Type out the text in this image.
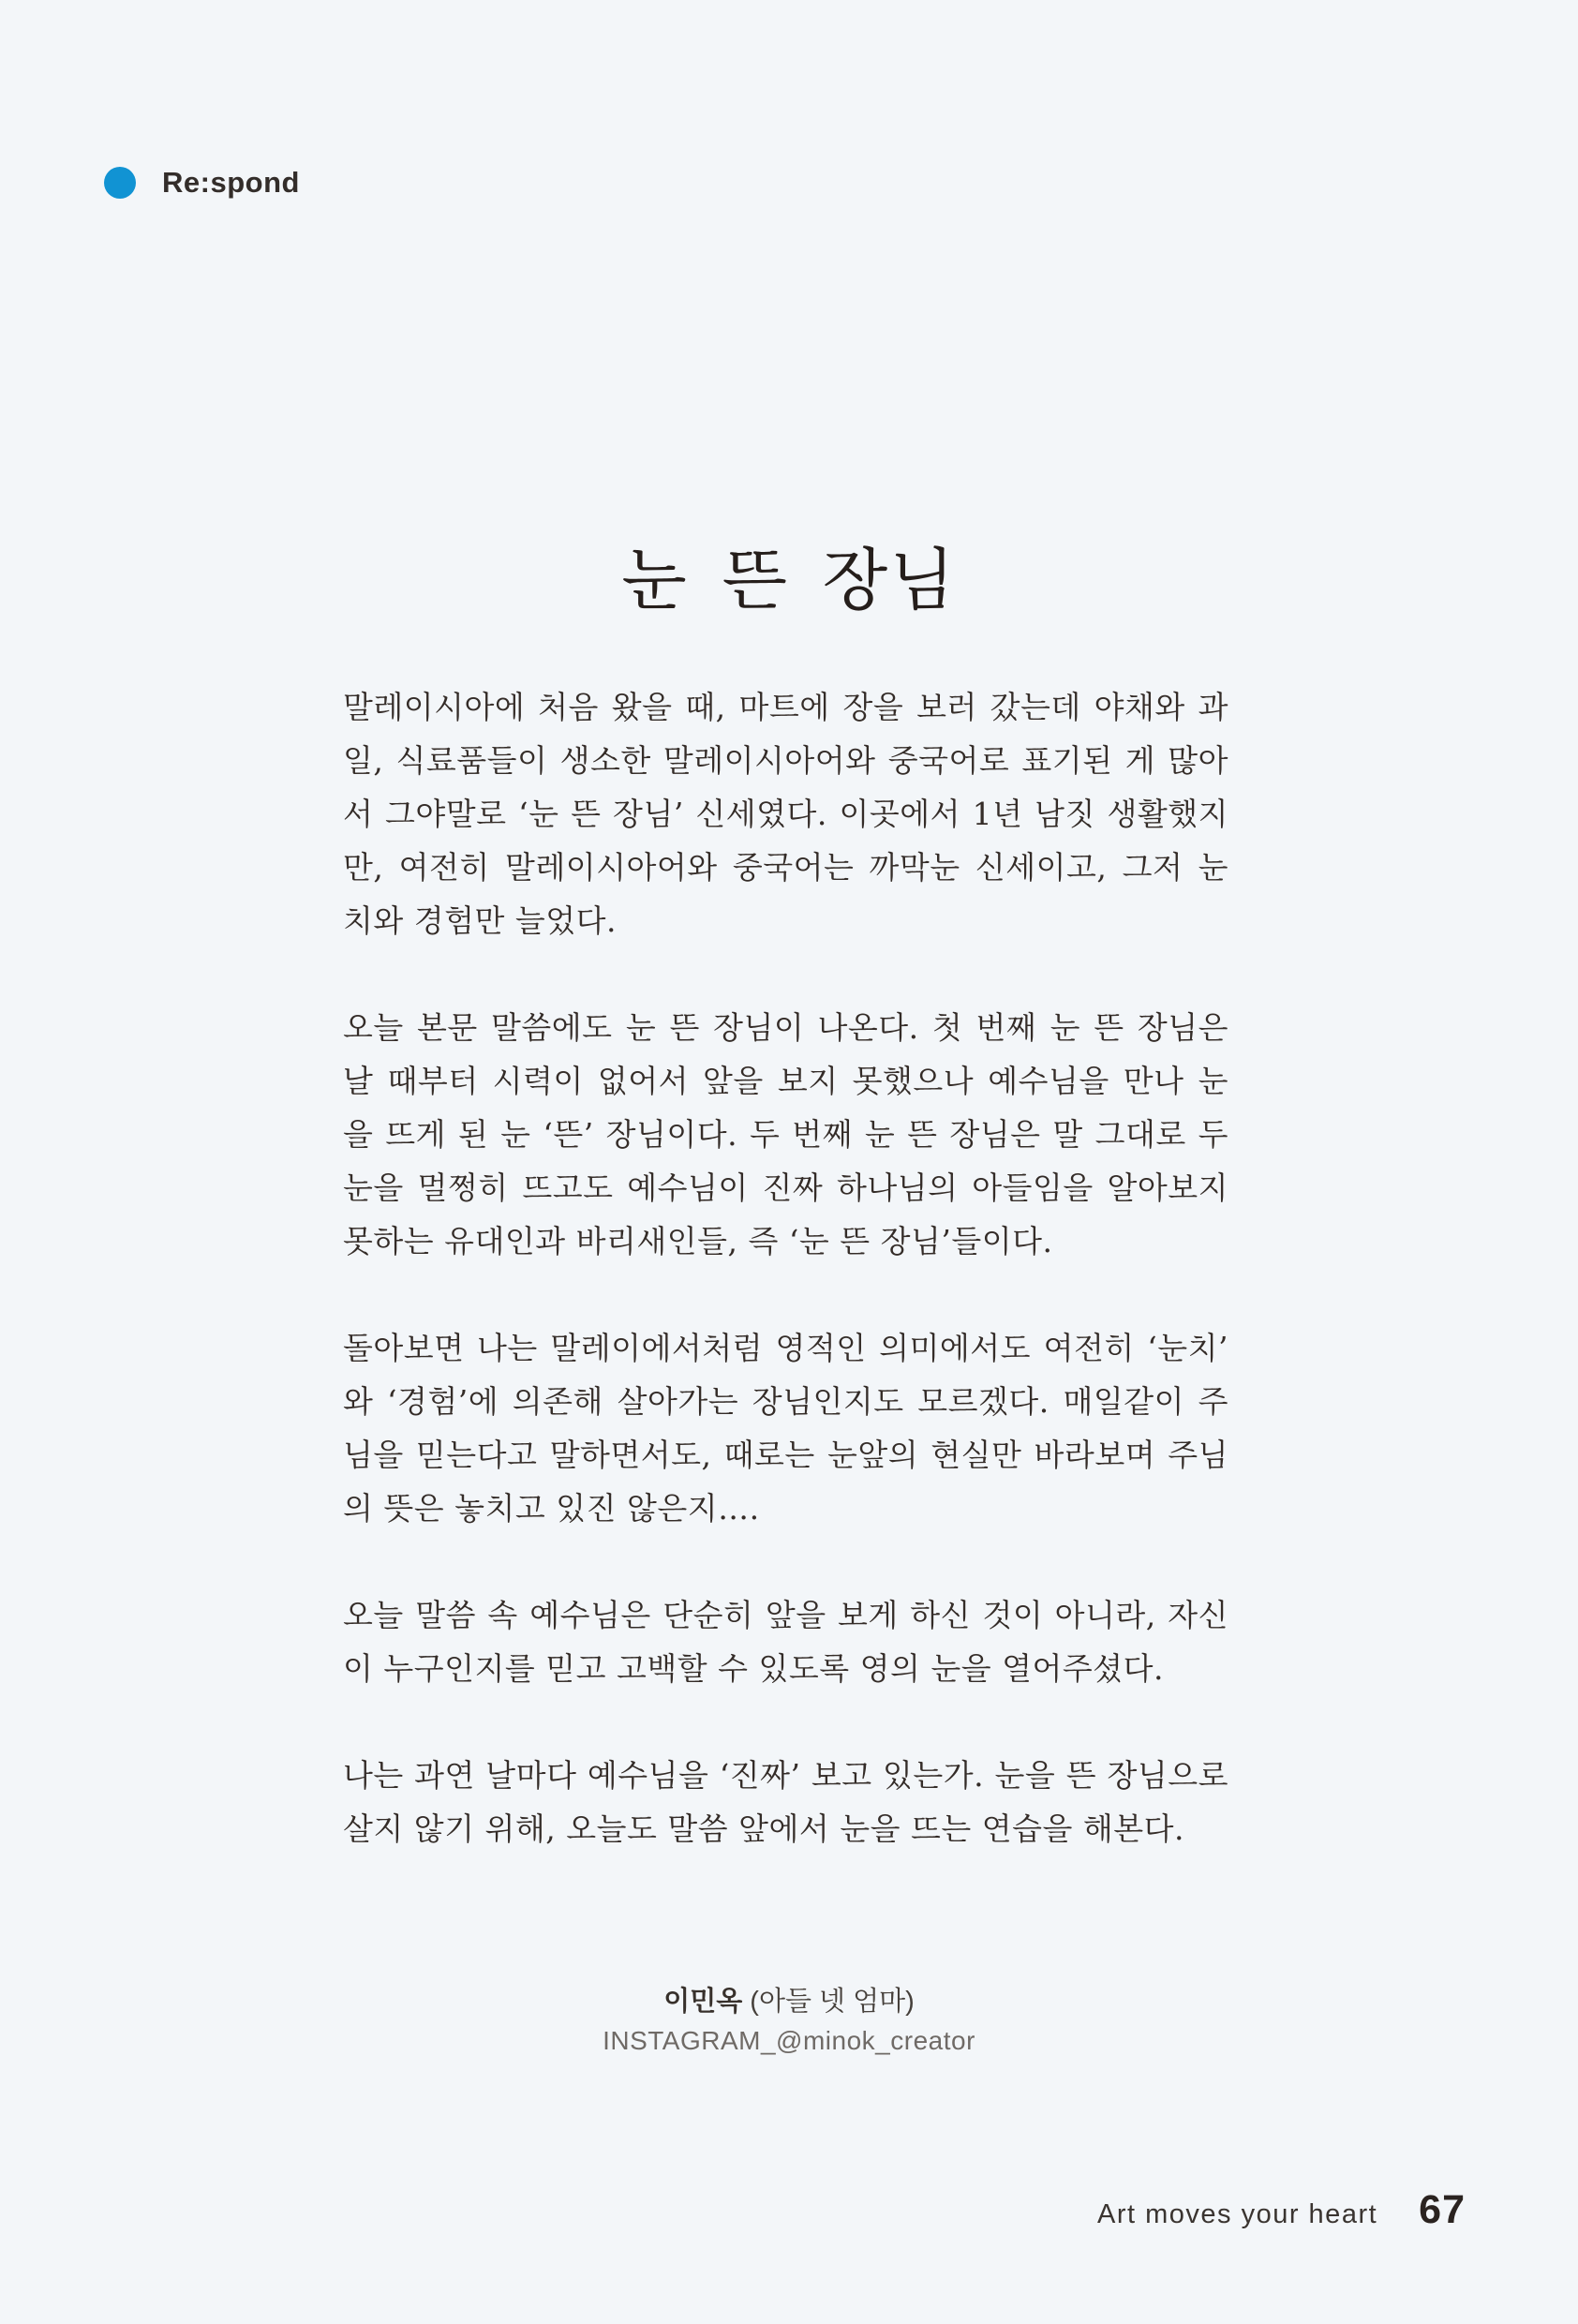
Re:spond
눈 뜬 장님

말레이시아에 처음 왔을 때, 마트에 장을 보러 갔는데 야채와 과
일, 식료품들이 생소한 말레이시아어와 중국어로 표기된 게 많아
서 그야말로 ‘눈 뜬 장님’ 신세였다. 이곳에서 1년 남짓 생활했지
만, 여전히 말레이시아어와 중국어는 까막눈 신세이고, 그저 눈
치와 경험만 늘었다.

오늘 본문 말씀에도 눈 뜬 장님이 나온다. 첫 번째 눈 뜬 장님은
날 때부터 시력이 없어서 앞을 보지 못했으나 예수님을 만나 눈
을 뜨게 된 눈 ‘뜬’ 장님이다. 두 번째 눈 뜬 장님은 말 그대로 두
눈을 멀쩡히 뜨고도 예수님이 진짜 하나님의 아들임을 알아보지
못하는 유대인과 바리새인들, 즉 ‘눈 뜬 장님’들이다.

돌아보면 나는 말레이에서처럼 영적인 의미에서도 여전히 ‘눈치’
와 ‘경험’에 의존해 살아가는 장님인지도 모르겠다. 매일같이 주
님을 믿는다고 말하면서도, 때로는 눈앞의 현실만 바라보며 주님
의 뜻은 놓치고 있진 않은지….

오늘 말씀 속 예수님은 단순히 앞을 보게 하신 것이 아니라, 자신
이 누구인지를 믿고 고백할 수 있도록 영의 눈을 열어주셨다.

나는 과연 날마다 예수님을 ‘진짜’ 보고 있는가. 눈을 뜬 장님으로
살지 않기 위해, 오늘도 말씀 앞에서 눈을 뜨는 연습을 해본다.

이민옥 (아들 넷 엄마)
INSTAGRAM_@minok_creator
Art moves your heart 67
